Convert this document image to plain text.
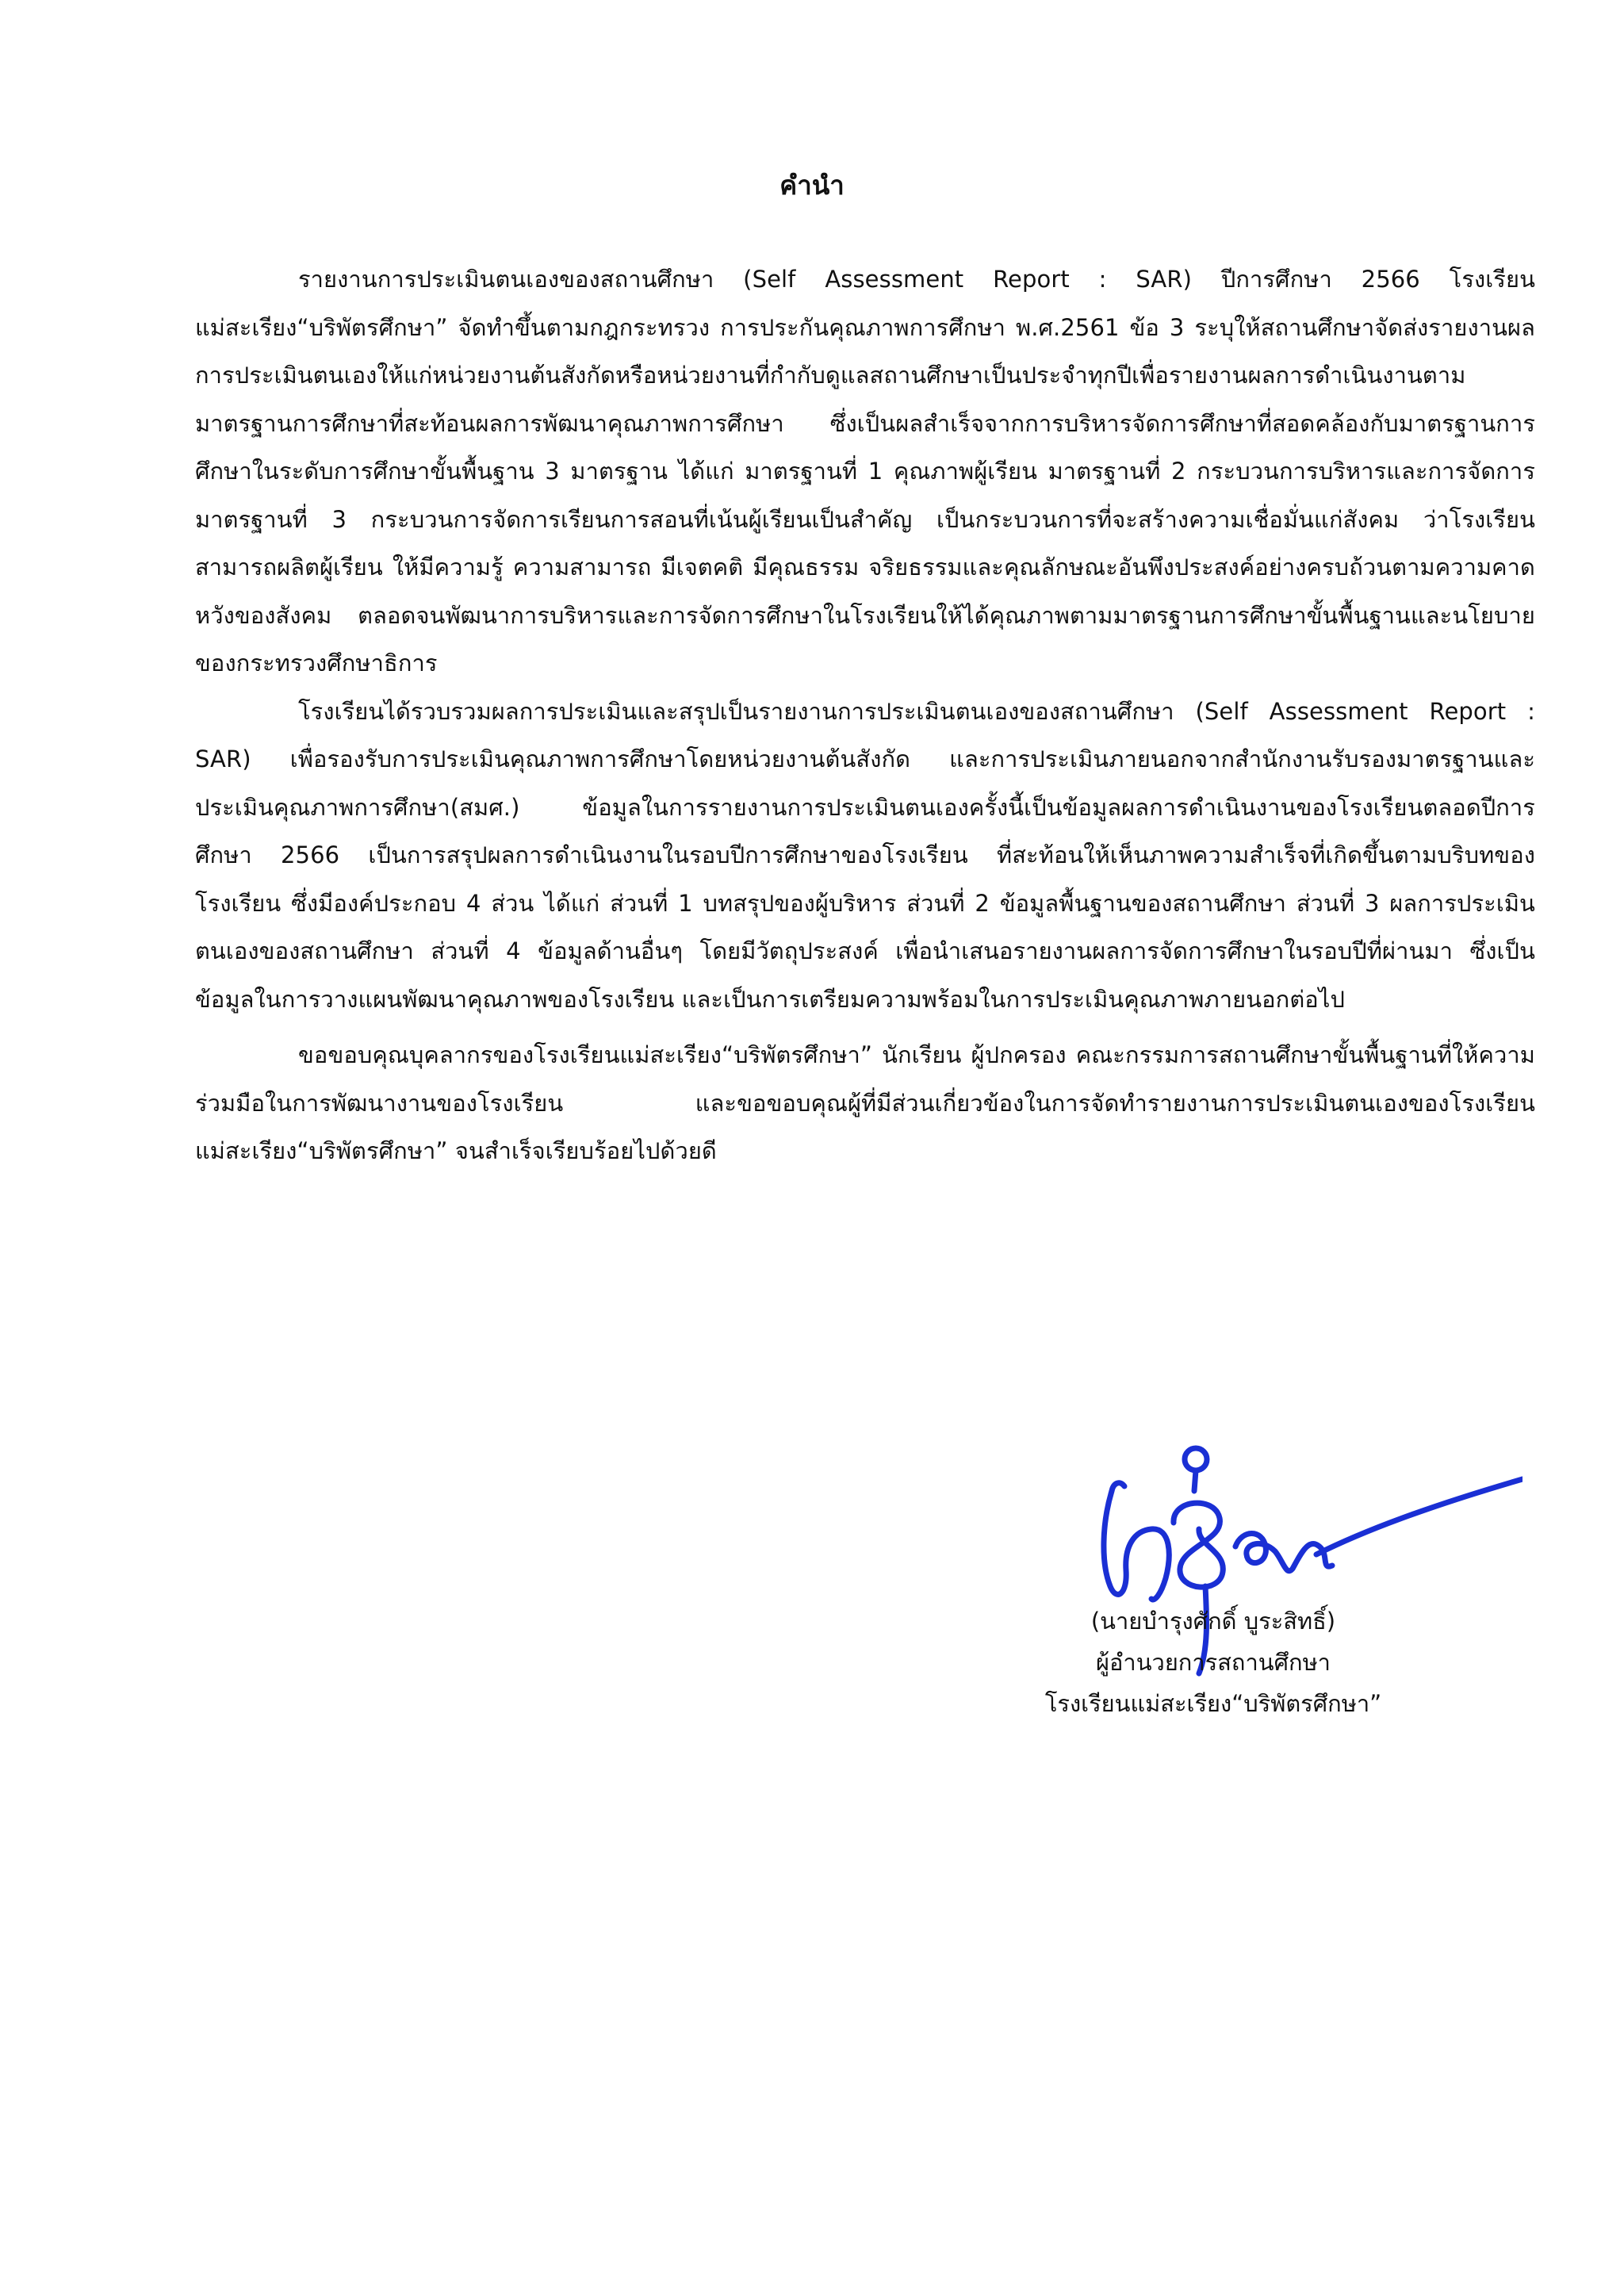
คำนำ

รายงานการประเมินตนเองของสถานศึกษา (Self Assessment Report : SAR) ปีการศึกษา 2566 โรงเรียนแม่สะเรียง“บริพัตรศึกษา” จัดทำขึ้นตามกฎกระทรวง การประกันคุณภาพการศึกษา พ.ศ.2561 ข้อ 3 ระบุให้สถานศึกษาจัดส่งรายงานผลการประเมินตนเองให้แก่หน่วยงานต้นสังกัดหรือหน่วยงานที่กำกับดูแลสถานศึกษาเป็นประจำทุกปีเพื่อรายงานผลการดำเนินงานตามมาตรฐานการศึกษาที่สะท้อนผลการพัฒนาคุณภาพการศึกษา ซึ่งเป็นผลสำเร็จจากการบริหารจัดการศึกษาที่สอดคล้องกับมาตรฐานการศึกษาในระดับการศึกษาขั้นพื้นฐาน 3 มาตรฐาน ได้แก่ มาตรฐานที่ 1 คุณภาพผู้เรียน มาตรฐานที่ 2 กระบวนการบริหารและการจัดการ มาตรฐานที่ 3 กระบวนการจัดการเรียนการสอนที่เน้นผู้เรียนเป็นสำคัญ เป็นกระบวนการที่จะสร้างความเชื่อมั่นแก่สังคม ว่าโรงเรียนสามารถผลิตผู้เรียน ให้มีความรู้ ความสามารถ มีเจตคติ มีคุณธรรม จริยธรรมและคุณลักษณะอันพึงประสงค์อย่างครบถ้วนตามความคาดหวังของสังคม ตลอดจนพัฒนาการบริหารและการจัดการศึกษาในโรงเรียนให้ได้คุณภาพตามมาตรฐานการศึกษาขั้นพื้นฐานและนโยบายของกระทรวงศึกษาธิการ

โรงเรียนได้รวบรวมผลการประเมินและสรุปเป็นรายงานการประเมินตนเองของสถานศึกษา (Self Assessment Report : SAR) เพื่อรองรับการประเมินคุณภาพการศึกษาโดยหน่วยงานต้นสังกัด และการประเมินภายนอกจากสำนักงานรับรองมาตรฐานและประเมินคุณภาพการศึกษา(สมศ.) ข้อมูลในการรายงานการประเมินตนเองครั้งนี้เป็นข้อมูลผลการดำเนินงานของโรงเรียนตลอดปีการศึกษา 2566 เป็นการสรุปผลการดำเนินงานในรอบปีการศึกษาของโรงเรียน ที่สะท้อนให้เห็นภาพความสำเร็จที่เกิดขึ้นตามบริบทของโรงเรียน ซึ่งมีองค์ประกอบ 4 ส่วน ได้แก่ ส่วนที่ 1 บทสรุปของผู้บริหาร ส่วนที่ 2 ข้อมูลพื้นฐานของสถานศึกษา ส่วนที่ 3 ผลการประเมินตนเองของสถานศึกษา ส่วนที่ 4 ข้อมูลด้านอื่นๆ โดยมีวัตถุประสงค์ เพื่อนำเสนอรายงานผลการจัดการศึกษาในรอบปีที่ผ่านมา ซึ่งเป็นข้อมูลในการวางแผนพัฒนาคุณภาพของโรงเรียน และเป็นการเตรียมความพร้อมในการประเมินคุณภาพภายนอกต่อไป

ขอขอบคุณบุคลากรของโรงเรียนแม่สะเรียง“บริพัตรศึกษา” นักเรียน ผู้ปกครอง คณะกรรมการสถานศึกษาขั้นพื้นฐานที่ให้ความร่วมมือในการพัฒนางานของโรงเรียน และขอขอบคุณผู้ที่มีส่วนเกี่ยวข้องในการจัดทำรายงานการประเมินตนเองของโรงเรียนแม่สะเรียง“บริพัตรศึกษา” จนสำเร็จเรียบร้อยไปด้วยดี

(นายบำรุงศักดิ์ บูระสิทธิ์)
ผู้อำนวยการสถานศึกษา
โรงเรียนแม่สะเรียง“บริพัตรศึกษา”
